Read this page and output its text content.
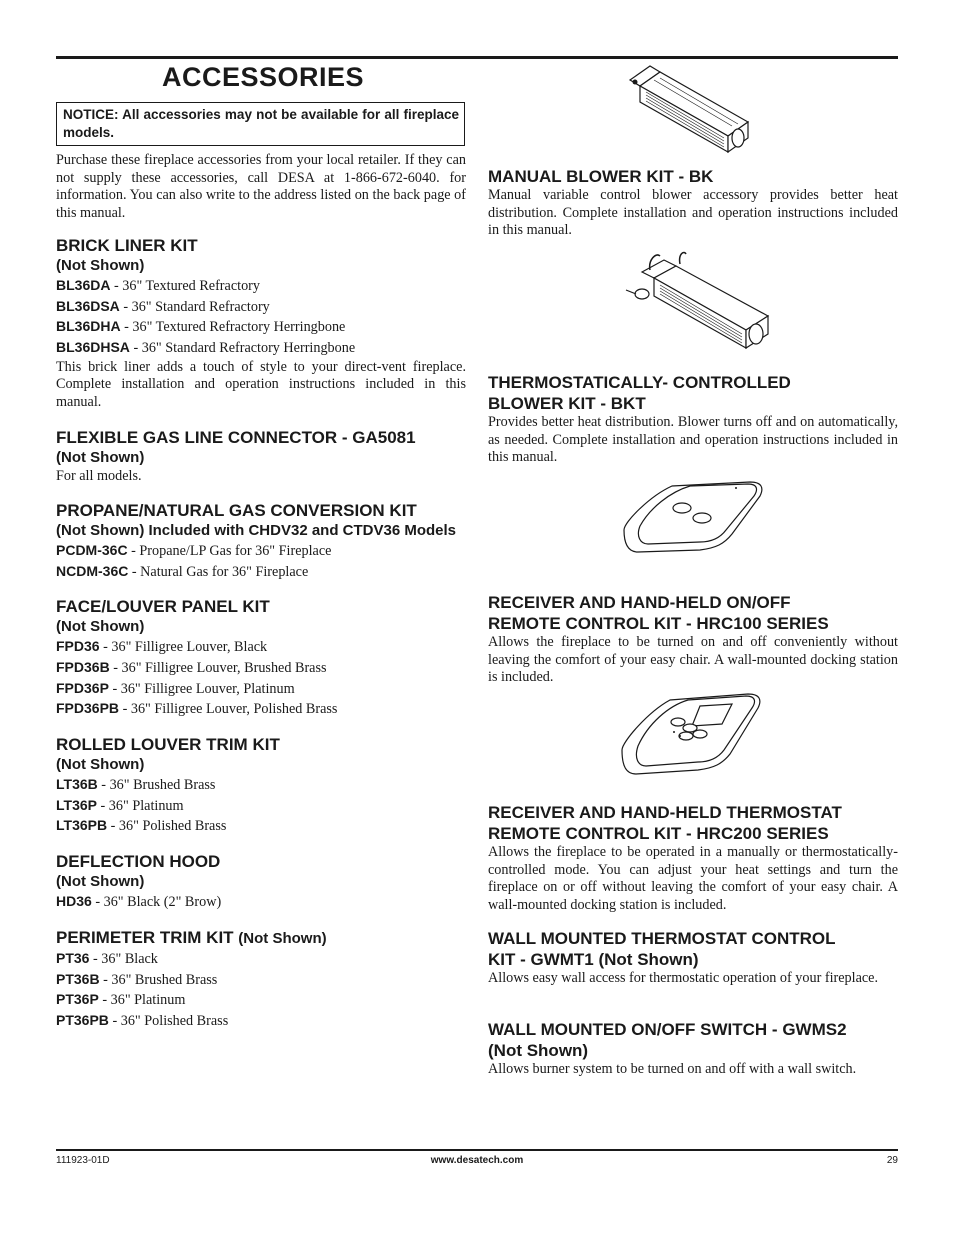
ACCESSORIES
NOTICE: All accessories may not be available for all fireplace models.

Purchase these fireplace accessories from your local retailer. If they can not supply these accessories, call DESA at 1-866-672-6040. for information. You can also write to the address listed on the back page of this manual.

BRICK LINER KIT

(Not Shown)

BL36DA - 36" Textured Refractory

BL36DSA - 36" Standard Refractory

BL36DHA - 36" Textured Refractory Herringbone

BL36DHSA - 36" Standard Refractory Herringbone

This brick liner adds a touch of style to your direct-vent fireplace. Complete installation and operation instructions included in this manual.

FLEXIBLE GAS LINE CONNECTOR - GA5081

(Not Shown)

For all models.

PROPANE/NATURAL GAS CONVERSION KIT

(Not Shown) Included with CHDV32 and CTDV36 Models

PCDM-36C - Propane/LP Gas for 36" Fireplace

NCDM-36C - Natural Gas for 36" Fireplace

FACE/LOUVER PANEL KIT

(Not Shown)

FPD36 - 36" Filligree Louver, Black

FPD36B - 36" Filligree Louver, Brushed Brass

FPD36P - 36" Filligree Louver, Platinum

FPD36PB - 36" Filligree Louver, Polished Brass

ROLLED LOUVER TRIM KIT

(Not Shown)

LT36B - 36" Brushed Brass

LT36P - 36" Platinum

LT36PB - 36" Polished Brass

DEFLECTION HOOD

(Not Shown)

HD36 - 36" Black (2" Brow)

PERIMETER TRIM KIT (Not Shown)

PT36 - 36" Black

PT36B - 36" Brushed Brass

PT36P - 36" Platinum

PT36PB - 36" Polished Brass

MANUAL BLOWER KIT - BK

Manual variable control blower accessory provides better heat distribution. Complete installation and operation instructions included in this manual.

THERMOSTATICALLY- CONTROLLED

BLOWER KIT - BKT

Provides better heat distribution. Blower turns off and on automatically, as needed. Complete installation and operation instructions included in this manual.

RECEIVER AND HAND-HELD ON/OFF

REMOTE CONTROL KIT - HRC100 SERIES

Allows the fireplace to be turned on and off conveniently without leaving the comfort of your easy chair. A wall-mounted docking station is included.

RECEIVER AND HAND-HELD THERMOSTAT

REMOTE CONTROL KIT - HRC200 SERIES

Allows the fireplace to be operated in a manually or thermostatically-controlled mode. You can adjust your heat settings and turn the fireplace on or off without leaving the comfort of your easy chair. A wall-mounted docking station is included.

WALL MOUNTED THERMOSTAT CONTROL

KIT - GWMT1 (Not Shown)

Allows easy wall access for thermostatic operation of your fireplace.

WALL MOUNTED ON/OFF SWITCH - GWMS2

(Not Shown)

Allows burner system to be turned on and off with a wall switch.

111923-01D	www.desatech.com	29
